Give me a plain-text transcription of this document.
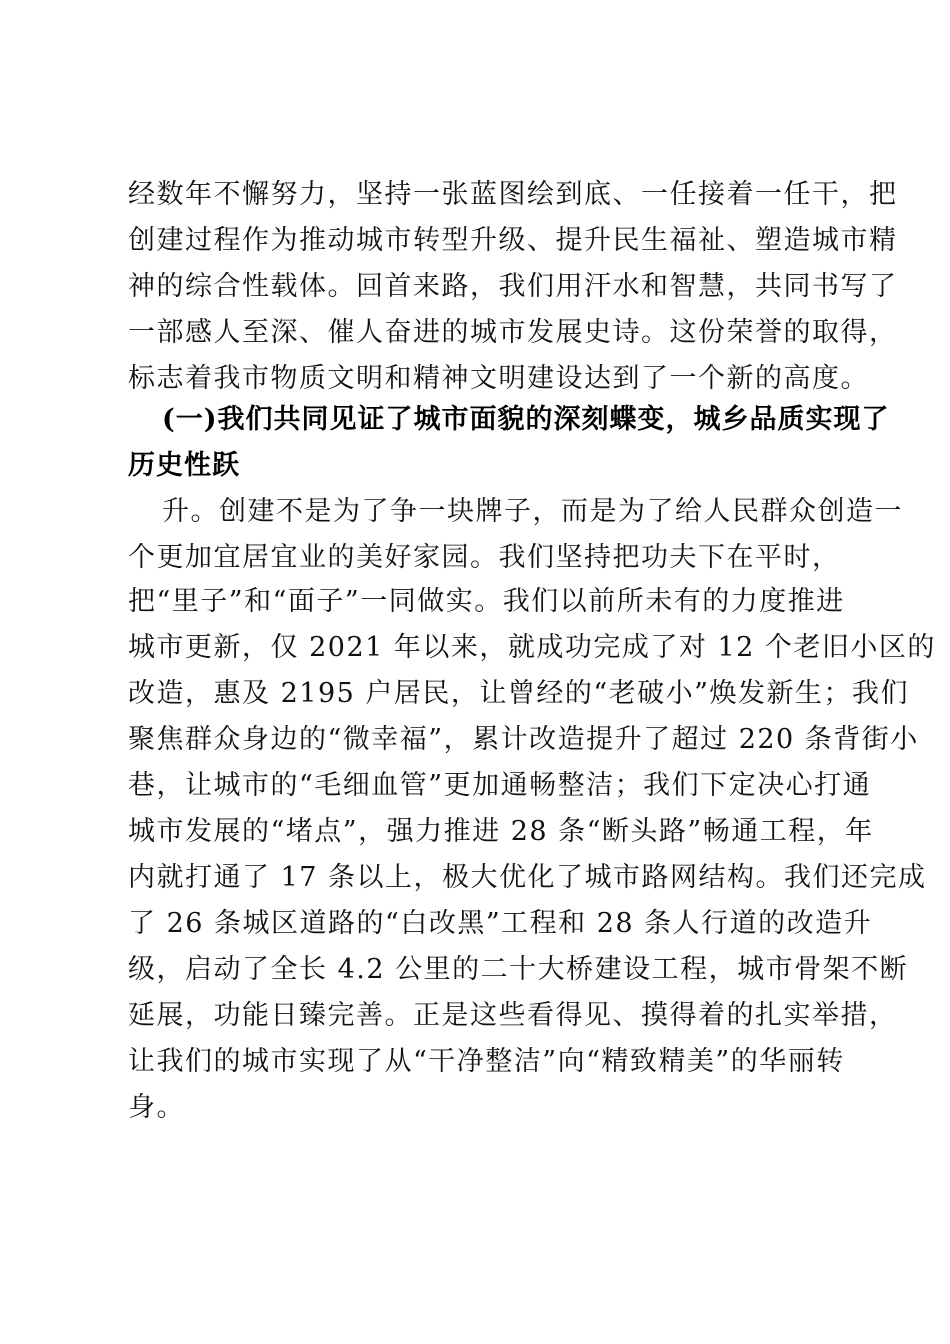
经数年不懈努力，坚持一张蓝图绘到底、一任接着一任干，把
创建过程作为推动城市转型升级、提升民生福祉、塑造城市精
神的综合性载体。回首来路，我们用汗水和智慧，共同书写了
一部感人至深、催人奋进的城市发展史诗。这份荣誉的取得，
标志着我市物质文明和精神文明建设达到了一个新的高度。
(一)我们共同见证了城市面貌的深刻蝶变，城乡品质实现了
历史性跃
升。创建不是为了争一块牌子，而是为了给人民群众创造一
个更加宜居宜业的美好家园。我们坚持把功夫下在平时，
把“里子”和“面子”一同做实。我们以前所未有的力度推进
城市更新，仅 2021 年以来，就成功完成了对 12 个老旧小区的
改造，惠及 2195 户居民，让曾经的“老破小”焕发新生；我们
聚焦群众身边的“微幸福”，累计改造提升了超过 220 条背街小
巷，让城市的“毛细血管”更加通畅整洁；我们下定决心打通
城市发展的“堵点”，强力推进 28 条“断头路”畅通工程，年
内就打通了 17 条以上，极大优化了城市路网结构。我们还完成
了 26 条城区道路的“白改黑”工程和 28 条人行道的改造升
级，启动了全长 4.2 公里的二十大桥建设工程，城市骨架不断
延展，功能日臻完善。正是这些看得见、摸得着的扎实举措，
让我们的城市实现了从“干净整洁”向“精致精美”的华丽转
身。
